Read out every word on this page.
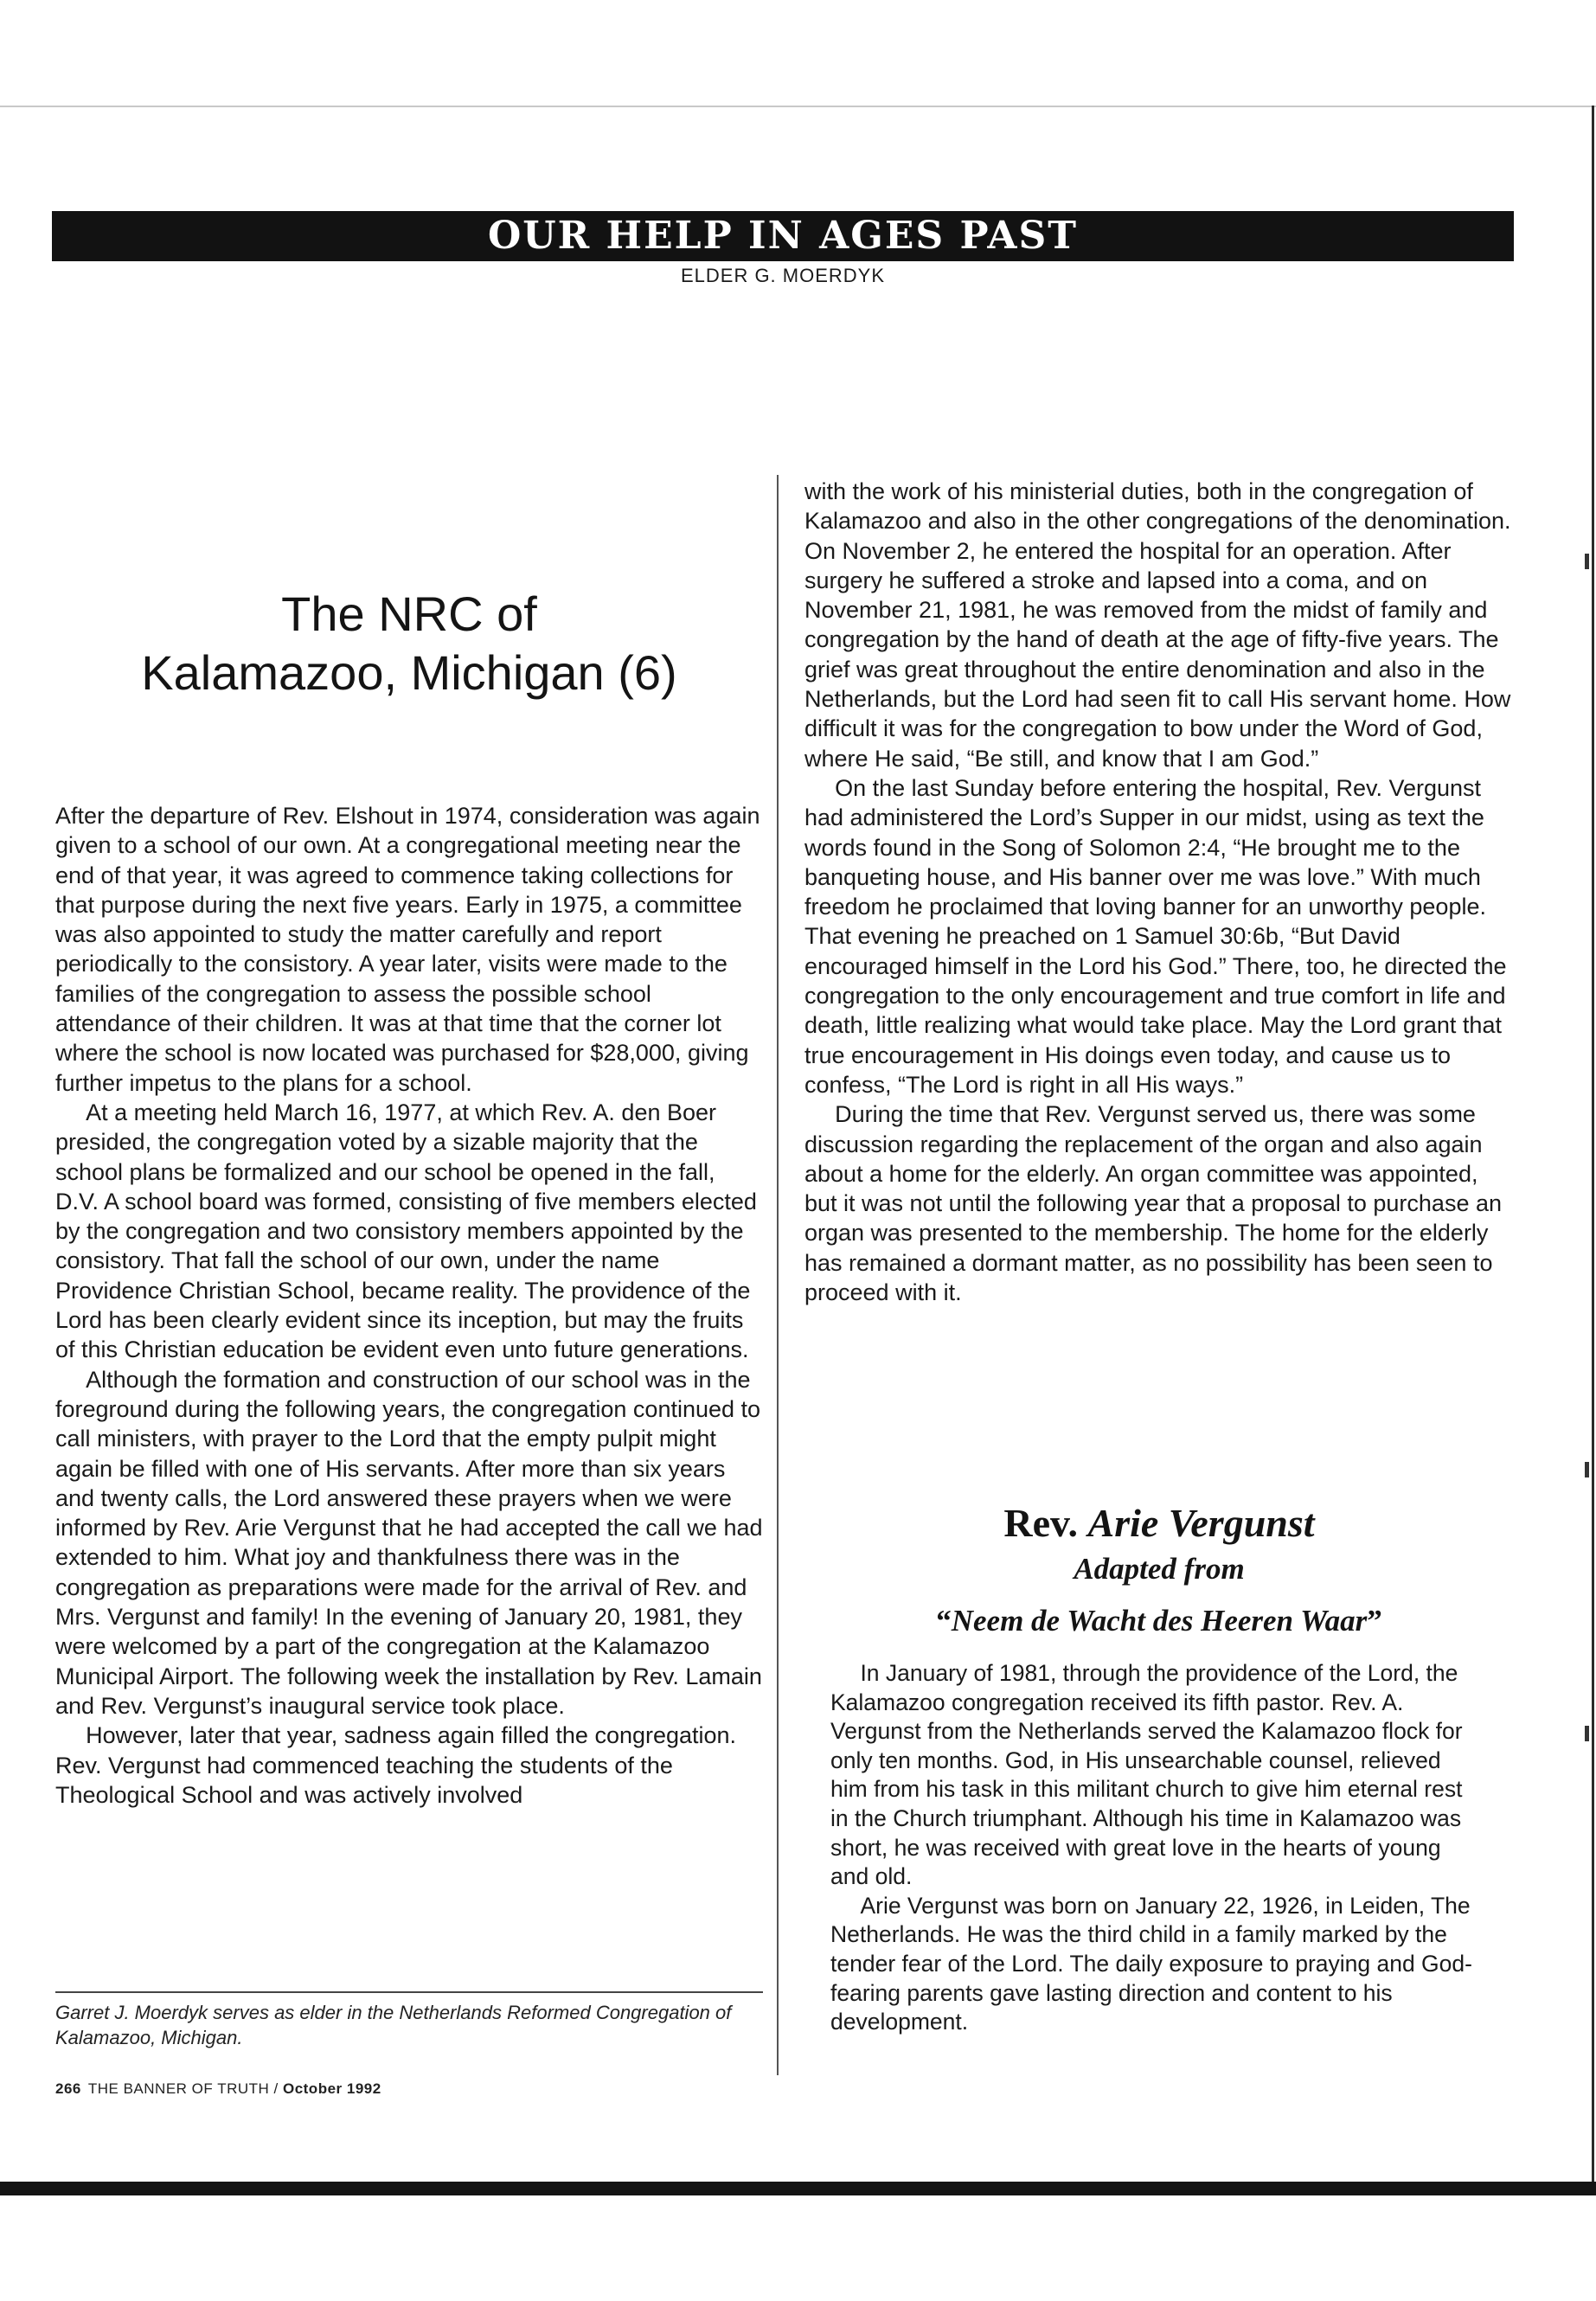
OUR HELP IN AGES PAST
ELDER G. MOERDYK
The NRC of
Kalamazoo, Michigan (6)

After the departure of Rev. Elshout in 1974, consideration was again given to a school of our own. At a congregational meeting near the end of that year, it was agreed to commence taking collections for that purpose during the next five years. Early in 1975, a committee was also appointed to study the matter carefully and report periodically to the consistory. A year later, visits were made to the families of the congregation to assess the possible school attendance of their children. It was at that time that the corner lot where the school is now located was purchased for $28,000, giving further impetus to the plans for a school.

At a meeting held March 16, 1977, at which Rev. A. den Boer presided, the congregation voted by a sizable majority that the school plans be formalized and our school be opened in the fall, D.V. A school board was formed, consisting of five members elected by the congregation and two consistory members appointed by the consistory. That fall the school of our own, under the name Providence Christian School, became reality. The providence of the Lord has been clearly evident since its inception, but may the fruits of this Christian education be evident even unto future generations.

Although the formation and construction of our school was in the foreground during the following years, the congregation continued to call ministers, with prayer to the Lord that the empty pulpit might again be filled with one of His servants. After more than six years and twenty calls, the Lord answered these prayers when we were informed by Rev. Arie Vergunst that he had accepted the call we had extended to him. What joy and thankfulness there was in the congregation as preparations were made for the arrival of Rev. and Mrs. Vergunst and family! In the evening of January 20, 1981, they were welcomed by a part of the congregation at the Kalamazoo Municipal Airport. The following week the installation by Rev. Lamain and Rev. Vergunst’s inaugural service took place.

However, later that year, sadness again filled the congregation. Rev. Vergunst had commenced teaching the students of the Theological School and was actively involved

with the work of his ministerial duties, both in the congregation of Kalamazoo and also in the other congregations of the denomination. On November 2, he entered the hospital for an operation. After surgery he suffered a stroke and lapsed into a coma, and on November 21, 1981, he was removed from the midst of family and congregation by the hand of death at the age of fifty-five years. The grief was great throughout the entire denomination and also in the Netherlands, but the Lord had seen fit to call His servant home. How difficult it was for the congregation to bow under the Word of God, where He said, “Be still, and know that I am God.”

On the last Sunday before entering the hospital, Rev. Vergunst had administered the Lord’s Supper in our midst, using as text the words found in the Song of Solomon 2:4, “He brought me to the banqueting house, and His banner over me was love.” With much freedom he proclaimed that loving banner for an unworthy people. That evening he preached on 1 Samuel 30:6b, “But David encouraged himself in the Lord his God.” There, too, he directed the congregation to the only encouragement and true comfort in life and death, little realizing what would take place. May the Lord grant that true encouragement in His doings even today, and cause us to confess, “The Lord is right in all His ways.”

During the time that Rev. Vergunst served us, there was some discussion regarding the replacement of the organ and also again about a home for the elderly. An organ committee was appointed, but it was not until the following year that a proposal to purchase an organ was presented to the membership. The home for the elderly has remained a dormant matter, as no possibility has been seen to proceed with it.

Rev. Arie Vergunst
Adapted from
“Neem de Wacht des Heeren Waar”

In January of 1981, through the providence of the Lord, the Kalamazoo congregation received its fifth pastor. Rev. A. Vergunst from the Netherlands served the Kalamazoo flock for only ten months. God, in His unsearchable counsel, relieved him from his task in this militant church to give him eternal rest in the Church triumphant. Although his time in Kalamazoo was short, he was received with great love in the hearts of young and old.

Arie Vergunst was born on January 22, 1926, in Leiden, The Netherlands. He was the third child in a family marked by the tender fear of the Lord. The daily exposure to praying and God-fearing parents gave lasting direction and content to his development.

Garret J. Moerdyk serves as elder in the Netherlands Reformed Congregation of Kalamazoo, Michigan.
266 THE BANNER OF TRUTH / October 1992
